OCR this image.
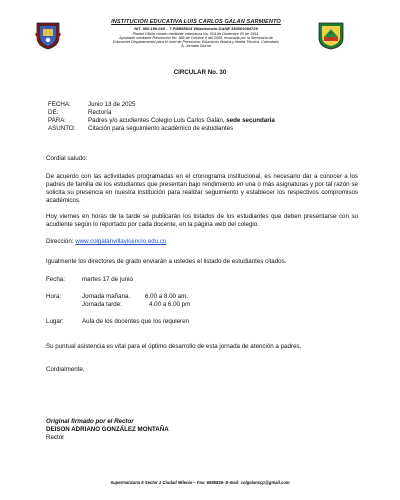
INSTITUCIÓN EDUCATIVA LUIS CARLOS GALAN SARMIENTO
NIT. 900.190.018 – 7 PDB58614 Villavicencio DANE 150001004729
Plantel Oficial creado mediante ordenanza No. 004 de Diciembre 05 de 1991.
Aprobado mediante Resolución No. 968 de Octubre 6 del 2008, emanada por la Secretaria de
Educación Departamental para el nivel de Preescolar, Educación Básica y Media Técnica, Calendario
A, Jornada Diurna
CIRCULAR No. 30
FECHA:	Junio 13 de 2025
DE:	Rectoría
PARA:	Padres y/o acudientes Colegio Luis Carlos Galán, sede secundaria
ASUNTO: Citación para seguimiento académico de estudiantes
Cordial saludo:
De acuerdo con las actividades programadas en el cronograma institucional, es necesario dar a conocer a los padres de familia de los estudiantes que presentan bajo rendimiento en una o más asignaturas y por tal razón se solicita su presencia en nuestra institución para realizar seguimiento y establecer los respectivos compromisos académicos.
Hoy viernes en horas de la tarde se publicarán los listados de los estudiantes que deben presentarse con su acudiente según lo reportado por cada docente, en la página web del colegio.
Dirección: www.colgalanvillavicencio.edu.co
Igualmente los directores de grado enviarán a ustedes el listado de estudiantes citados.
Fecha:	martes 17 de junio
Hora:	Jornada mañana. 6.00 a 8.00 am.
Jornada tarde:	4.00 a 6.00 pm
Lugar:	Aula de los docentes que los requieren
Su puntual asistencia es vital para el óptimo desarrollo de esta jornada de atención a padres.
Cordialmente,
Original firmado por el Rector
DEISON ADRIANO GONZÁLEZ MONTAÑA
Rector
Supermanzana 5 Sector 2 Ciudad Milenio – Fax: 6685835- E-mail: colgalanscp@gmail.com
